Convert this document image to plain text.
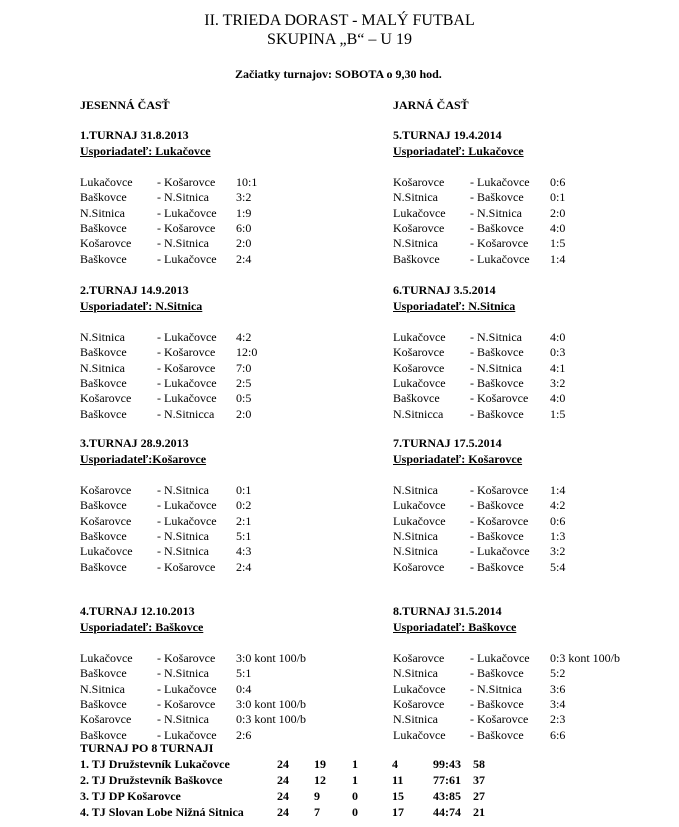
II. TRIEDA DORAST - MALÝ FUTBAL
SKUPINA „B“ – U 19
Začiatky turnajov: SOBOTA o 9,30 hod.
JESENNÁ ČASŤ	JARNÁ ČASŤ
1.TURNAJ 31.8.2013
Usporiadateľ: Lukačovce
Lukačovce - Košarovce 10:1
Baškovce	- N.Sitnica 3:2
N.Sitnica	- Lukačovce 1:9
Baškovce	- Košarovce 6:0
Košarovce - N.Sitnica 2:0
Baškovce	- Lukačovce 2:4
2.TURNAJ 14.9.2013
Usporiadateľ: N.Sitnica
N.Sitnica	- Lukačovce 4:2
Baškovce	- Košarovce 12:0
N.Sitnica	- Košarovce 7:0
Baškovce	- Lukačovce 2:5
Košarovce - Lukačovce 0:5
Baškovce	- N.Sitnicca 2:0
3.TURNAJ 28.9.2013
Usporiadateľ:Košarovce
Košarovce - N.Sitnica 0:1
Baškovce	- Lukačovce 0:2
Košarovce - Lukačovce 2:1
Baškovce	- N.Sitnica 5:1
Lukačovce - N.Sitnica 4:3
Baškovce	- Košarovce 2:4
4.TURNAJ 12.10.2013
Usporiadateľ: Baškovce
Lukačovce - Košarovce 3:0 kont 100/b
Baškovce	- N.Sitnica 5:1
N.Sitnica	- Lukačovce 0:4
Baškovce	- Košarovce 3:0 kont 100/b
Košarovce - N.Sitnica 0:3 kont 100/b
Baškovce	- Lukačovce 2:6
5.TURNAJ 19.4.2014
Usporiadateľ: Lukačovce
Košarovce - Lukačovce 0:6
N.Sitnica	- Baškovce 0:1
Lukačovce - N.Sitnica 2:0
Košarovce - Baškovce 4:0
N.Sitnica	- Košarovce 1:5
Baškovce	- Lukačovce 1:4
6.TURNAJ 3.5.2014
Usporiadateľ: N.Sitnica
Lukačovce - N.Sitnica 4:0
Košarovce - Baškovce 0:3
Košarovce - N.Sitnica 4:1
Lukačovce - Baškovce 3:2
Baškovce	- Košarovce 4:0
N.Sitnicca - Baškovce 1:5
7.TURNAJ 17.5.2014
Usporiadateľ: Košarovce
N.Sitnica	- Košarovce 1:4
Lukačovce - Baškovce 4:2
Lukačovce - Košarovce 0:6
N.Sitnica	- Baškovce 1:3
N.Sitnica	- Lukačovce 3:2
Košarovce - Baškovce 5:4
8.TURNAJ 31.5.2014
Usporiadateľ: Baškovce
Košarovce - Lukačovce 0:3 kont 100/b
N.Sitnica	- Baškovce 5:2
Lukačovce - N.Sitnica 3:6
Košarovce - Baškovce 3:4
N.Sitnica	- Košarovce 2:3
Lukačovce - Baškovce 6:6
TURNAJ PO 8 TURNAJI
1. TJ Družstevník Lukačovce	24 19 1	4	99:43 58
2. TJ Družstevník Baškovce	24 12 1	11 77:61 37
3. TJ DP Košarovce	24 9	0	15 43:85 27
4. TJ Slovan Lobe Nižná Sitnica	24 7	0	17 44:74 21
